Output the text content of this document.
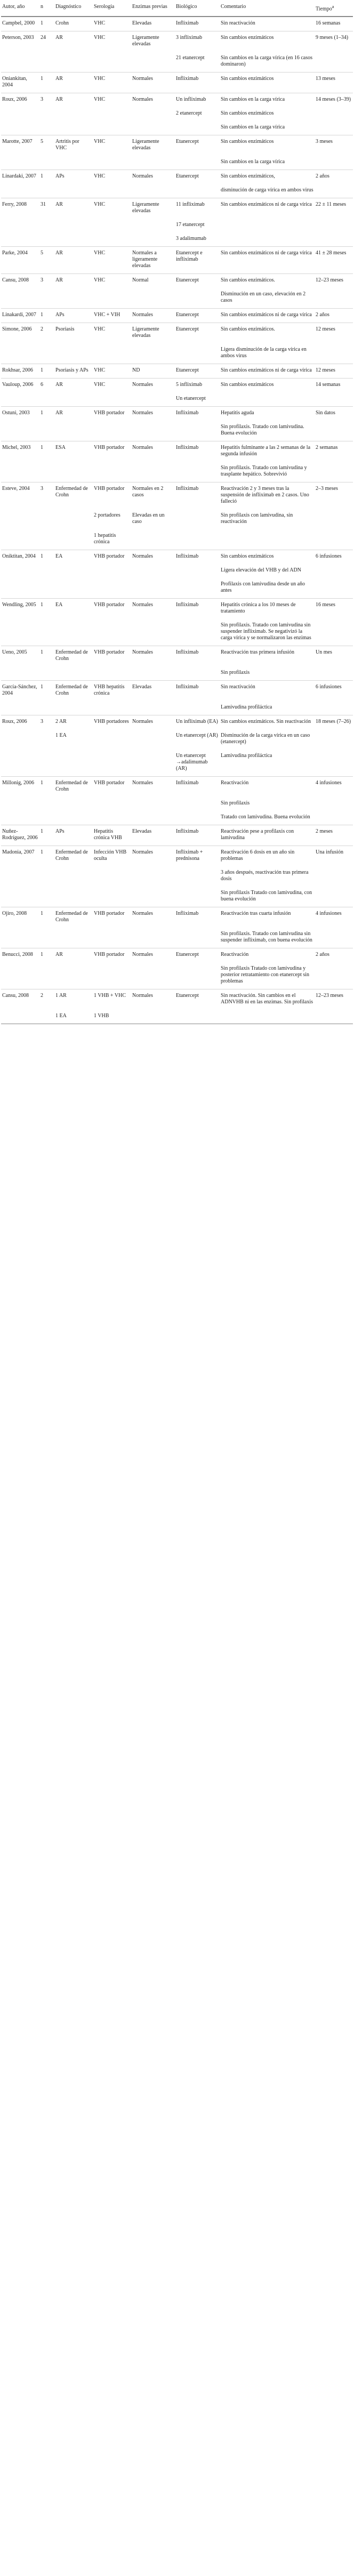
Autor, año	n	Diagnóstico	Serología	Enzimas previas	Biológico	Comentario	Tiempo$^a$
Campbel, 2000	1	Crohn	VHC	Elevadas	Infliximab	Sin reactivación	16 semanas
Peterson, 2003	24	AR	VHC	Ligeramente elevadas	3 infliximab	Sin cambios enzimáticos	9 meses (1–34)
					21 etanercept	Sin cambios en la carga vírica (en 16 casos dominaron)	
Oniankitan, 2004	1	AR	VHC	Normales	Infliximab	Sin cambios enzimáticos	13 meses
Roux, 2006	3	AR	VHC	Normales	Un infliximab	Sin cambios en la carga vírica	14 meses (3–39)
					2 etanercept	Sin cambios enzimáticos	
						Sin cambios en la carga vírica	
Marotte, 2007	5	Artritis por VHC	VHC	Ligeramente elevadas	Etanercept	Sin cambios enzimáticos	3 meses
						Sin cambios en la carga vírica	
Linardaki, 2007	1	APs	VHC	Normales	Etanercept	Sin cambios enzimáticos,	2 años
						disminución de carga vírica en ambos virus	
Ferry, 2008	31	AR	VHC	Ligeramente elevadas	11 infliximab	Sin cambios enzimáticos ni de carga vírica	22 ± 11 meses
					17 etanercept		
					3 adalimumab		
Parke, 2004	5	AR	VHC	Normales a ligeramente elevadas	Etanercept e infliximab	Sin cambios enzimáticos ni de carga vírica	41 ± 28 meses
Cansu, 2008	3	AR	VHC	Normal	Etanercept	Sin cambios enzimáticos.	12–23 meses
						Disminución en un caso, elevación en 2 casos	
Linakardi, 2007	1	APs	VHC + VIH	Normales	Etanercept	Sin cambios enzimáticos ni de carga vírica	2 años
Simone, 2006	2	Psoriasis	VHC	Ligeramente elevadas	Etanercept	Sin cambios enzimáticos.	12 meses
						Ligera disminución de la carga vírica en ambos virus	
Rokhsar, 2006	1	Psoriasis y APs	VHC	ND	Etanercept	Sin cambios enzimáticos ni de carga vírica	12 meses
Vauloup, 2006	6	AR	VHC	Normales	5 infliximab	Sin cambios enzimáticos	14 semanas
					Un etanercept		
Ostuni, 2003	1	AR	VHB portador	Normales	Infliximab	Hepatitis aguda	Sin datos
						Sin profilaxis. Tratado con lamivudina. Buena evolución	
Michel, 2003	1	ESA	VHB portador	Normales	Infliximab	Hepatitis fulminante a las 2 semanas de la segunda infusión	2 semanas
						Sin profilaxis. Tratado con lamivudina y trasplante hepático. Sobrevivió	
Esteve, 2004	3	Enfermedad de Crohn	VHB portador	Normales en 2 casos	Infliximab	Reactivación 2 y 3 meses tras la suspensión de infliximab en 2 casos. Uno falleció	2–3 meses
			2 portadores	Elevadas en un caso		Sin profilaxis con lamivudina, sin reactivación	
			1 hepatitis crónica				
Oniktitan, 2004	1	EA	VHB portador	Normales	Infliximab	Sin cambios enzimáticos	6 infusiones
						Ligera elevación del VHB y del ADN	
						Profilaxis con lamivudina desde un año antes	
Wendling, 2005	1	EA	VHB portador	Normales	Infliximab	Hepatitis crónica a los 10 meses de tratamiento	16 meses
						Sin profilaxis. Tratado con lamivudina sin suspender infliximab. Se negativizó la carga vírica y se normalizaron las enzimas	
Ueno, 2005	1	Enfermedad de Crohn	VHB portador	Normales	Infliximab	Reactivación tras primera infusión	Un mes
						Sin profilaxis	
García-Sánchez, 2004	1	Enfermedad de Crohn	VHB hepatitis crónica	Elevadas	Infliximab	Sin reactivación	6 infusiones
						Lamivudina profiláctica	
Roux, 2006	3	2 AR	VHB portadores	Normales	Un infliximab (EA)	Sin cambios enzimáticos. Sin reactivación	18 meses (7–26)
		1 EA			Un etanercept (AR)	Disminución de la carga vírica en un caso (etanercept)	
					Un etanercept →adalimumab (AR)	Lamivudina profiláctica	
Millonig, 2006	1	Enfermedad de Crohn	VHB portador	Normales	Infliximab	Reactivación	4 infusiones
						Sin profilaxis	
						Tratado con lamivudina. Buena evolución	
Nuñez-Rodríguez, 2006	1	APs	Hepatitis crónica VHB	Elevadas	Infliximab	Reactivación pese a profilaxis con lamivudina	2 meses
Madonia, 2007	1	Enfermedad de Crohn	Infección VHB oculta	Normales	Infliximab + prednisona	Reactivación 6 dosis en un año sin problemas	Una infusión
						3 años después, reactivación tras primera dosis	
						Sin profilaxis Tratado con lamivudina, con buena evolución	
Ojiro, 2008	1	Enfermedad de Crohn	VHB portador	Normales	Infliximab	Reactivación tras cuarta infusión	4 infusiones
						Sin profilaxis. Tratado con lamivudina sin suspender infliximab, con buena evolución	
Benucci, 2008	1	AR	VHB portador	Normales	Etanercept	Reactivación	2 años
						Sin profilaxis Tratado con lamivudina y posterior retratamiento con etanercept sin problemas	
Cansu, 2008	2	1 AR	1 VHB + VHC	Normales	Etanercept	Sin reactivación. Sin cambios en el ADNVHB ni en las enzimas. Sin profilaxis	12–23 meses
		1 EA	1 VHB				
